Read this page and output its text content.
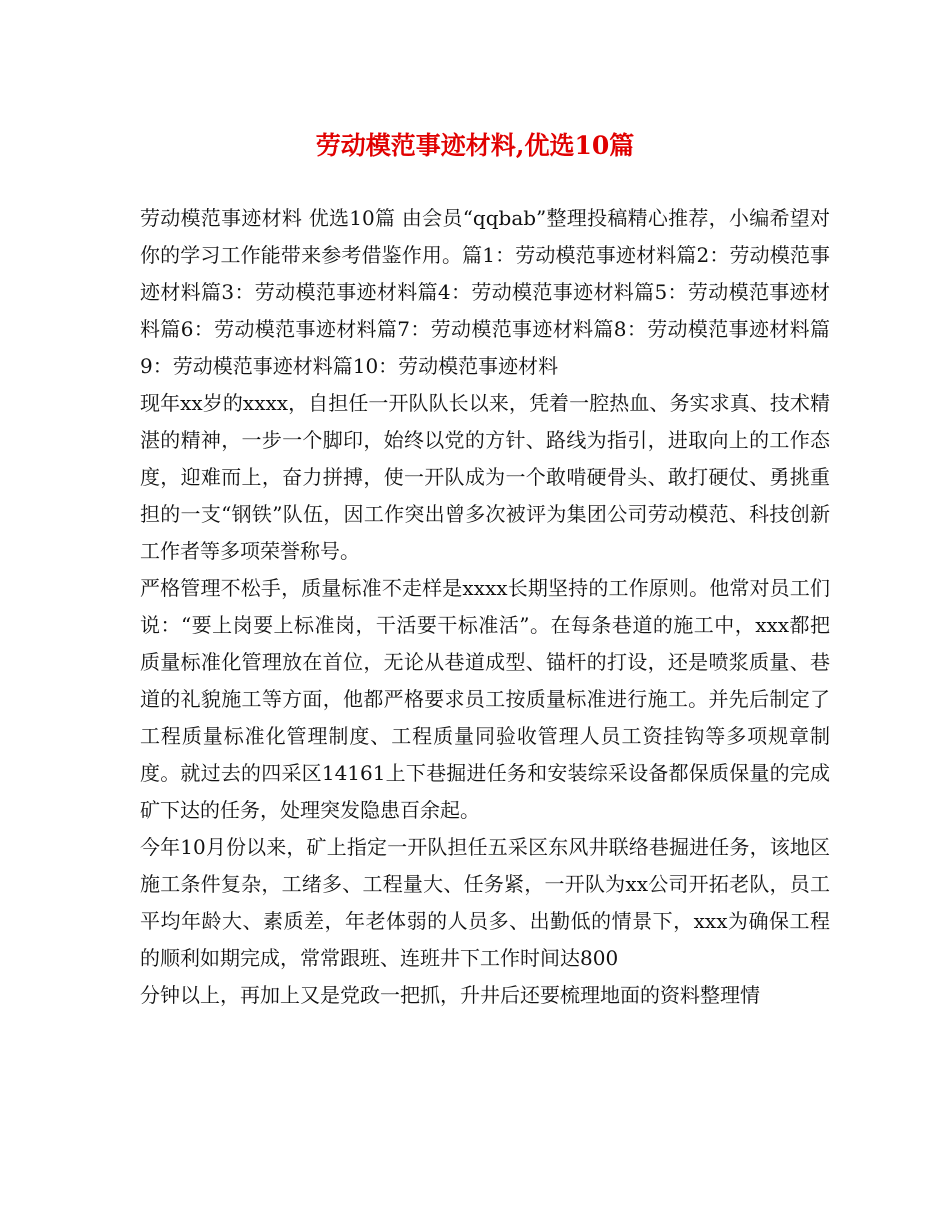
劳动模范事迹材料,优选10篇

劳动模范事迹材料 优选10篇 由会员“qqbab”整理投稿精心推荐，小编希望对你的学习工作能带来参考借鉴作用。篇1：劳动模范事迹材料篇2：劳动模范事迹材料篇3：劳动模范事迹材料篇4：劳动模范事迹材料篇5：劳动模范事迹材料篇6：劳动模范事迹材料篇7：劳动模范事迹材料篇8：劳动模范事迹材料篇9：劳动模范事迹材料篇10：劳动模范事迹材料

现年xx岁的xxxx，自担任一开队队长以来，凭着一腔热血、务实求真、技术精湛的精神，一步一个脚印，始终以党的方针、路线为指引，进取向上的工作态度，迎难而上，奋力拼搏，使一开队成为一个敢啃硬骨头、敢打硬仗、勇挑重担的一支“钢铁”队伍，因工作突出曾多次被评为集团公司劳动模范、科技创新工作者等多项荣誉称号。

严格管理不松手，质量标准不走样是xxxx长期坚持的工作原则。他常对员工们说：“要上岗要上标准岗，干活要干标准活”。在每条巷道的施工中，xxx都把质量标准化管理放在首位，无论从巷道成型、锚杆的打设，还是喷浆质量、巷道的礼貌施工等方面，他都严格要求员工按质量标准进行施工。并先后制定了工程质量标准化管理制度、工程质量同验收管理人员工资挂钩等多项规章制度。就过去的四采区14161上下巷掘进任务和安装综采设备都保质保量的完成矿下达的任务，处理突发隐患百余起。

今年10月份以来，矿上指定一开队担任五采区东风井联络巷掘进任务，该地区施工条件复杂，工绪多、工程量大、任务紧，一开队为xx公司开拓老队，员工平均年龄大、素质差，年老体弱的人员多、出勤低的情景下，xxx为确保工程的顺利如期完成，常常跟班、连班井下工作时间达800

分钟以上，再加上又是党政一把抓，升井后还要梳理地面的资料整理情
